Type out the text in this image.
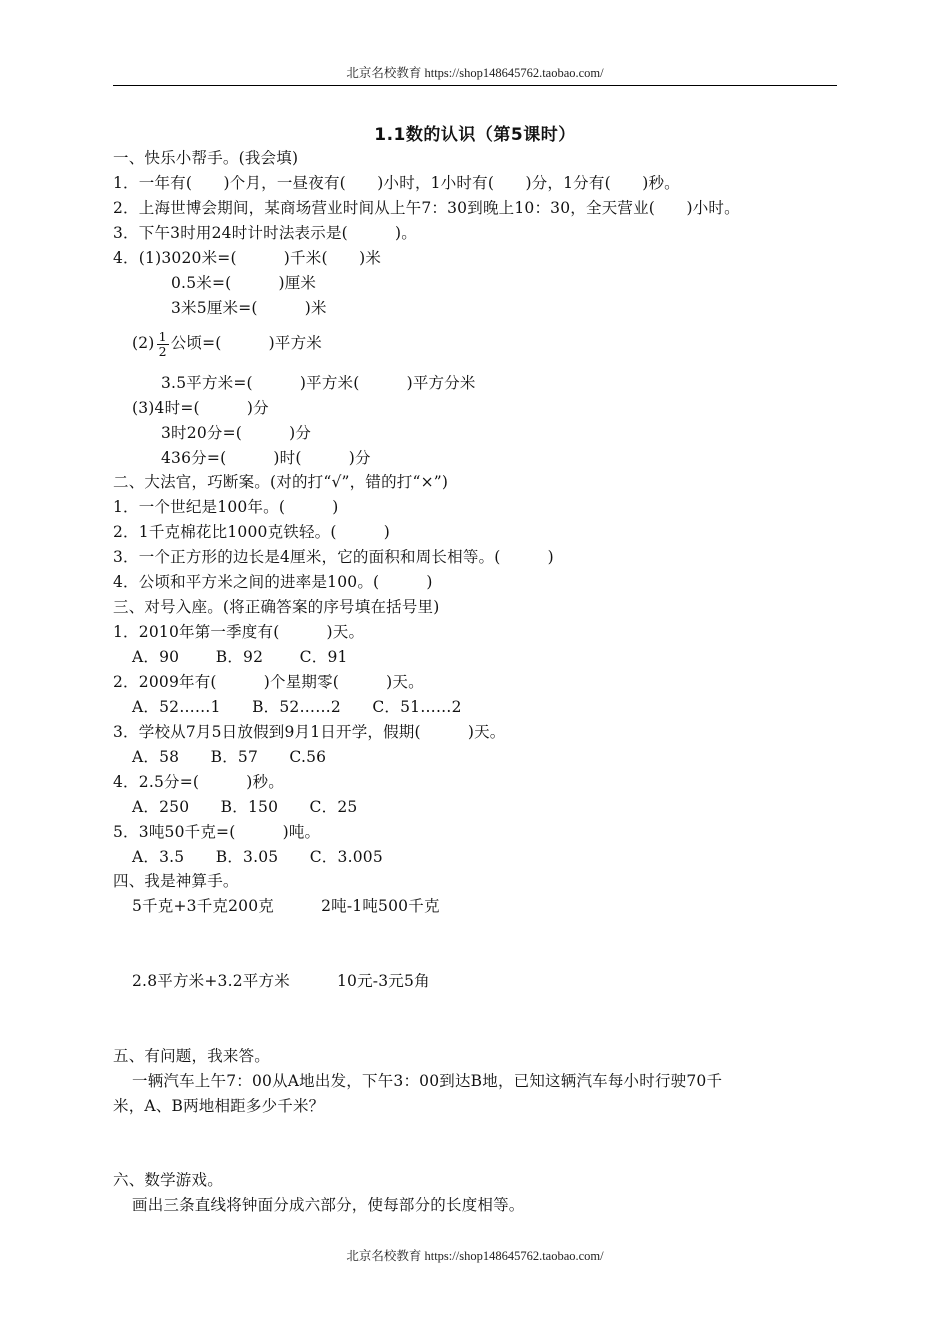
北京名校教育 https://shop148645762.taobao.com/
1.1数的认识（第5课时）
一、快乐小帮手。(我会填)
1．一年有(　　)个月，一昼夜有(　　)小时，1小时有(　　)分，1分有(　　)秒。
2．上海世博会期间，某商场营业时间从上午7：30到晚上10：30，全天营业(　　)小时。
3．下午3时用24时计时法表示是(　　　)。
4．(1)3020米=(　　　)千米(　　)米
0.5米=(　　　)厘米
3米5厘米=(　　　)米
$(2) \frac{1}{2}$ 公顷=(　　　)平方米
3.5平方米=(　　　)平方米(　　　)平方分米
(3)4时=(　　　)分
3时20分=(　　　)分
436分=(　　　)时(　　　)分
二、大法官，巧断案。(对的打“√”，错的打“×”)
1．一个世纪是100年。(　　　)
2．1千克棉花比1000克铁轻。(　　　)
3．一个正方形的边长是4厘米，它的面积和周长相等。(　　　)
4．公顷和平方米之间的进率是100。(　　　)
三、对号入座。(将正确答案的序号填在括号里)
1．2010年第一季度有(　　　)天。
A．90　　 B．92　　 C．91
2．2009年有(　　　)个星期零(　　　)天。
A．52……1　　B．52……2　　C．51……2
3．学校从7月5日放假到9月1日开学，假期(　　　)天。
A．58　　B．57　　C.56
4．2.5分=(　　　)秒。
A．250　　B．150　　C．25
5．3吨50千克=(　　　)吨。
A．3.5　　B．3.05　　C．3.005
四、我是神算手。
5千克+3千克200克　　　2吨-1吨500千克
2.8平方米+3.2平方米　　　10元-3元5角
五、有问题，我来答。
一辆汽车上午7：00从A地出发，下午3：00到达B地，已知这辆汽车每小时行驶70千
米，A、B两地相距多少千米？
六、数学游戏。
画出三条直线将钟面分成六部分，使每部分的长度相等。
北京名校教育 https://shop148645762.taobao.com/
